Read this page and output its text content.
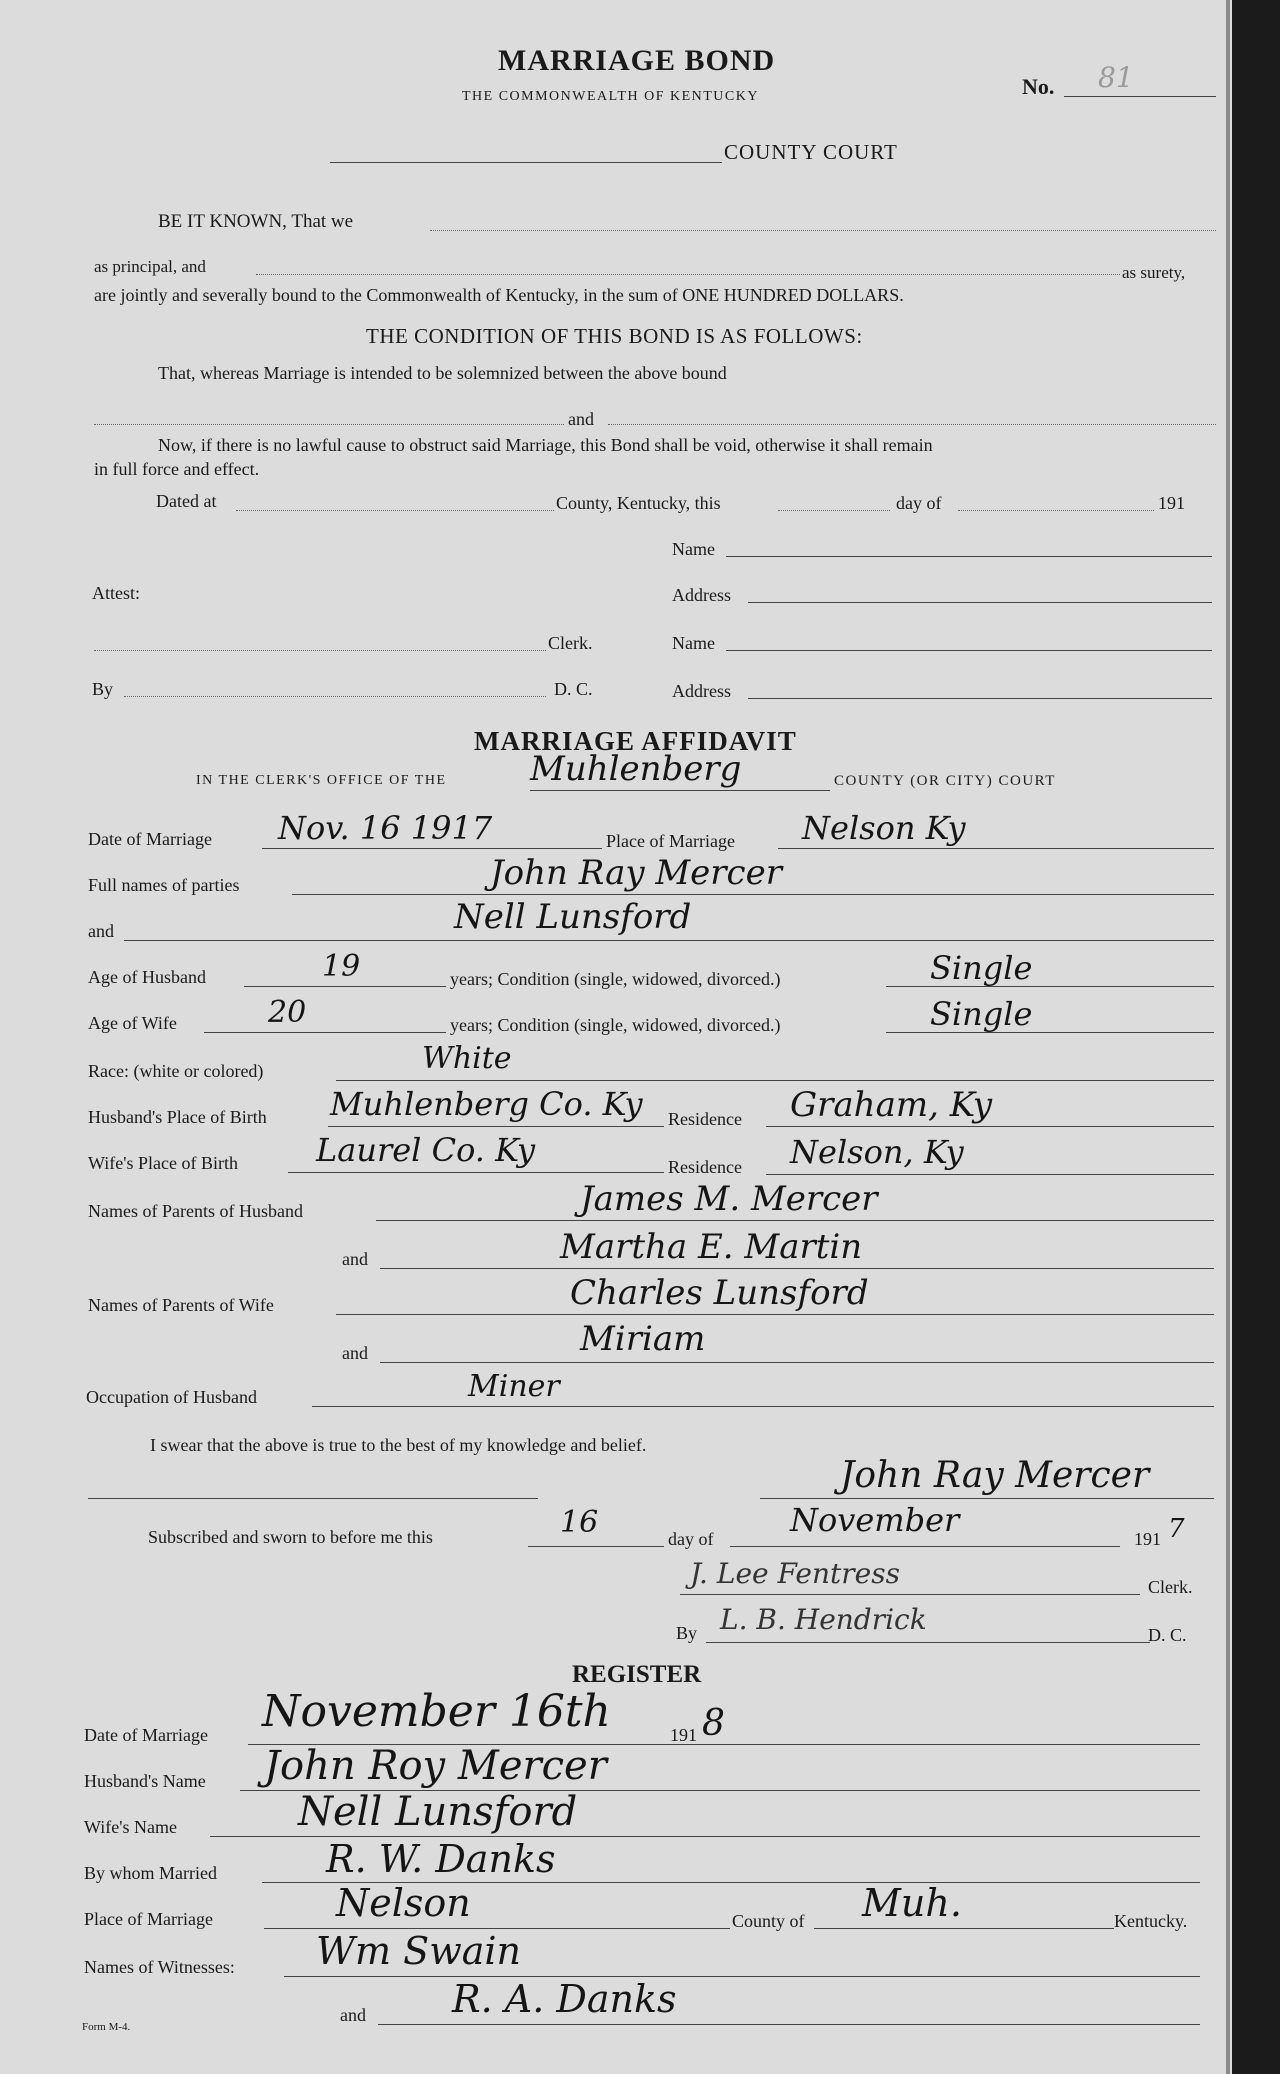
MARRIAGE BOND
THE COMMONWEALTH OF KENTUCKY	No. 81
COUNTY COURT
BE IT KNOWN, That we
as principal, and	as surety,
are jointly and severally bound to the Commonwealth of Kentucky, in the sum of ONE HUNDRED DOLLARS.
THE CONDITION OF THIS BOND IS AS FOLLOWS:
That, whereas Marriage is intended to be solemnized between the above bound
and
Now, if there is no lawful cause to obstruct said Marriage, this Bond shall be void, otherwise it shall remain
in full force and effect.
Dated at	County, Kentucky, this	day of	191
Name
Attest:	Address
Clerk.	Name
By	D. C.	Address
MARRIAGE AFFIDAVIT
IN THE CLERK'S OFFICE OF THE Muhlenberg	COUNTY (OR CITY) COURT
Date of Marriage Nov. 16 1917	Place of Marriage Nelson Ky
Full names of parties	John Ray Mercer
and	Nell Lunsford
Age of Husband	19	years; Condition (single, widowed, divorced.)	Single
Age of Wife	20	years; Condition (single, widowed, divorced.)	Single
Race: (white or colored)	White
Husband's Place of Birth Muhlenberg Co. Ky Residence Graham, Ky
Wife's Place of Birth Laurel Co. Ky	Residence Nelson, Ky
Names of Parents of Husband	James M. Mercer
and	Martha E. Martin
Names of Parents of Wife	Charles Lunsford
and	Miriam
Occupation of Husband	Miner
I swear that the above is true to the best of my knowledge and belief.
John Ray Mercer
Subscribed and sworn to before me this	16	day of November	191 7
J. Lee Fentress	Clerk.
By L. B. Hendrick	D. C.
REGISTER
Date of Marriage November 16th	191 8
Husband's Name John Roy Mercer
Wife's Name	Nell Lunsford
By whom Married	R. W. Danks
Place of Marriage	Nelson	County of Muh.	Kentucky.
Names of Witnesses: Wm Swain
and R. A. Danks
Form M-4.
